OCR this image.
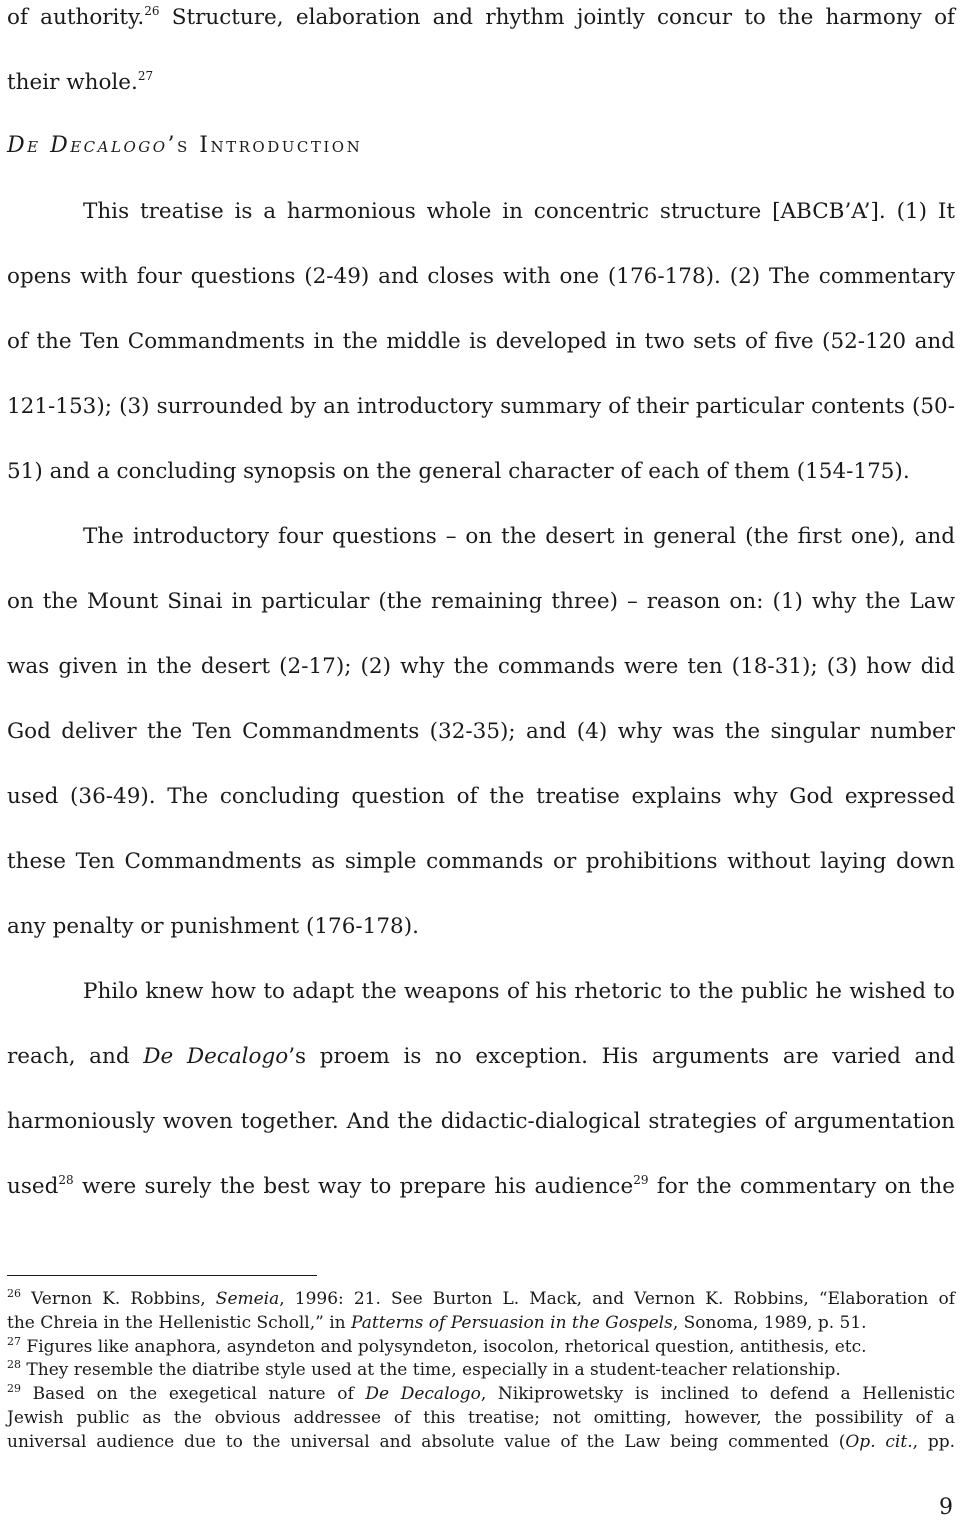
of authority.$^{26}$ Structure, elaboration and rhythm jointly concur to the harmony of
their whole.$^{27}$
De Decalogo’s Introduction
This treatise is a harmonious whole in concentric structure [ABCB’A’]. (1) It
opens with four questions (2-49) and closes with one (176-178). (2) The commentary
of the Ten Commandments in the middle is developed in two sets of five (52-120 and
121-153); (3) surrounded by an introductory summary of their particular contents (50-
51) and a concluding synopsis on the general character of each of them (154-175).
The introductory four questions – on the desert in general (the first one), and
on the Mount Sinai in particular (the remaining three) – reason on: (1) why the Law
was given in the desert (2-17); (2) why the commands were ten (18-31); (3) how did
God deliver the Ten Commandments (32-35); and (4) why was the singular number
used (36-49). The concluding question of the treatise explains why God expressed
these Ten Commandments as simple commands or prohibitions without laying down
any penalty or punishment (176-178).
Philo knew how to adapt the weapons of his rhetoric to the public he wished to
reach, and De Decalogo’s proem is no exception. His arguments are varied and
harmoniously woven together. And the didactic-dialogical strategies of argumentation
used$^{28}$ were surely the best way to prepare his audience$^{29}$ for the commentary on the
$^{26}$ Vernon K. Robbins, Semeia, 1996: 21. See Burton L. Mack, and Vernon K. Robbins, “Elaboration of
the Chreia in the Hellenistic Scholl,” in Patterns of Persuasion in the Gospels, Sonoma, 1989, p. 51.
$^{27}$ Figures like anaphora, asyndeton and polysyndeton, isocolon, rhetorical question, antithesis, etc.
$^{28}$ They resemble the diatribe style used at the time, especially in a student-teacher relationship.
$^{29}$ Based on the exegetical nature of De Decalogo, Nikiprowetsky is inclined to defend a Hellenistic
Jewish public as the obvious addressee of this treatise; not omitting, however, the possibility of a
universal audience due to the universal and absolute value of the Law being commented (Op. cit., pp.
9
